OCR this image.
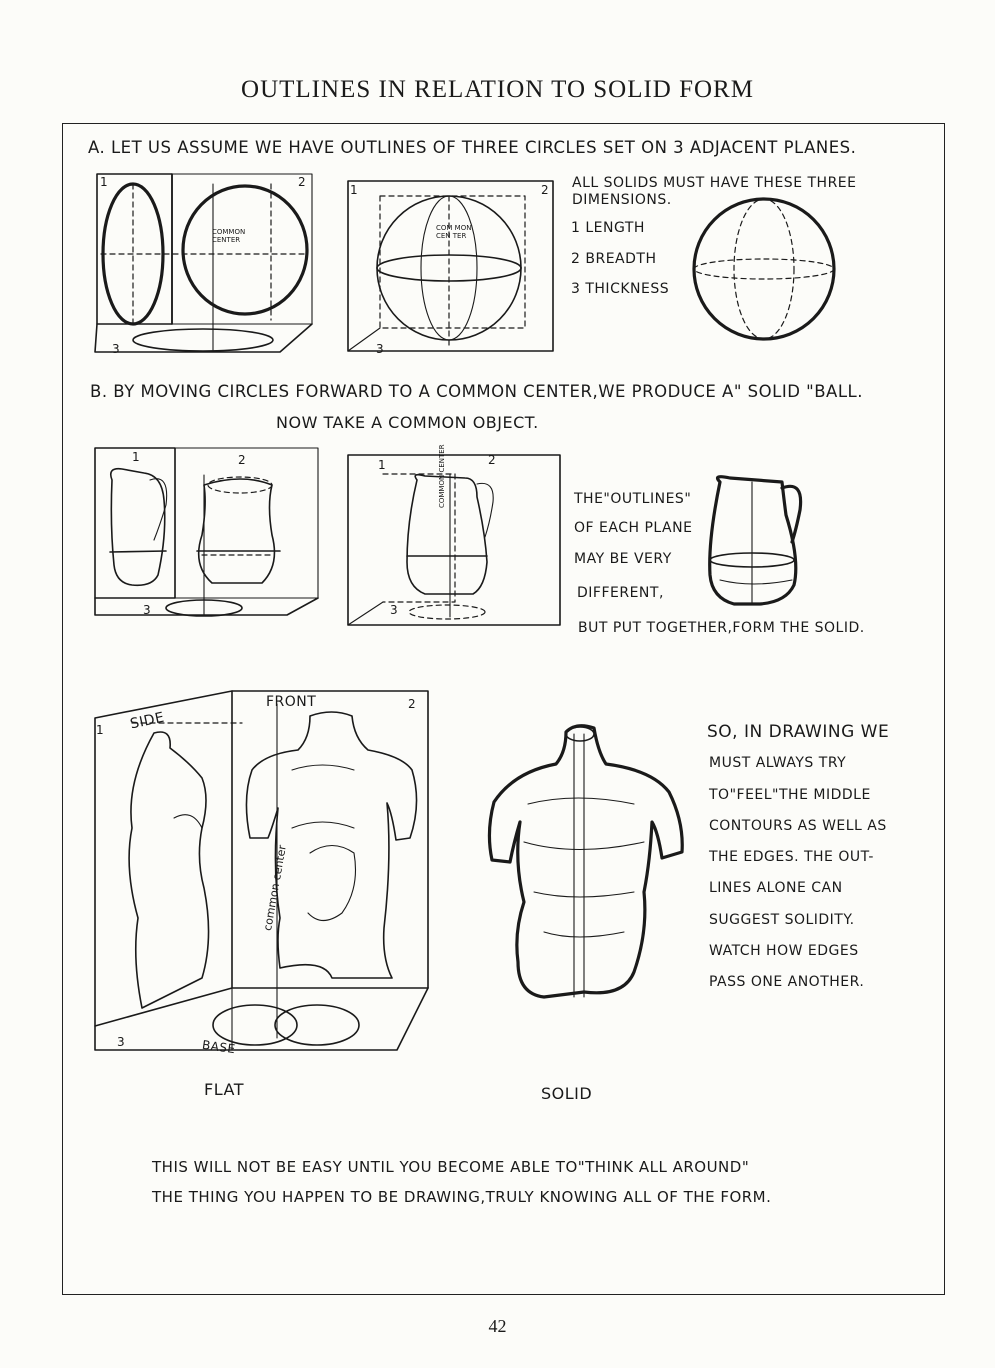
OUTLINES IN RELATION TO SOLID FORM
A. LET US ASSUME WE HAVE OUTLINES OF THREE CIRCLES SET ON 3 ADJACENT PLANES.
1	2
3
COMMON CENTER
1	2
3
COM MON CEN TER
ALL SOLIDS MUST HAVE THESE THREE
DIMENSIONS.
1 LENGTH
2 BREADTH
3 THICKNESS
B. BY MOVING CIRCLES FORWARD TO A COMMON CENTER,WE PRODUCE A" SOLID "BALL.
NOW TAKE A COMMON OBJECT.
1	2
3
1	2
3
COMMON CENTER	THE"OUTLINES"
OF EACH PLANE
MAY BE VERY
DIFFERENT,
BUT PUT TOGETHER,FORM THE SOLID.
1
2
3
SIDE
FRONT
BASE
common center
SO, IN DRAWING WE
MUST ALWAYS TRY
TO"FEEL"THE MIDDLE
CONTOURS AS WELL AS
THE EDGES. THE OUT-
LINES ALONE CAN
SUGGEST SOLIDITY.
WATCH HOW EDGES
PASS ONE ANOTHER.
FLAT	SOLID
THIS WILL NOT BE EASY UNTIL YOU BECOME ABLE TO"THINK ALL AROUND"
THE THING YOU HAPPEN TO BE DRAWING,TRULY KNOWING ALL OF THE FORM.
42
